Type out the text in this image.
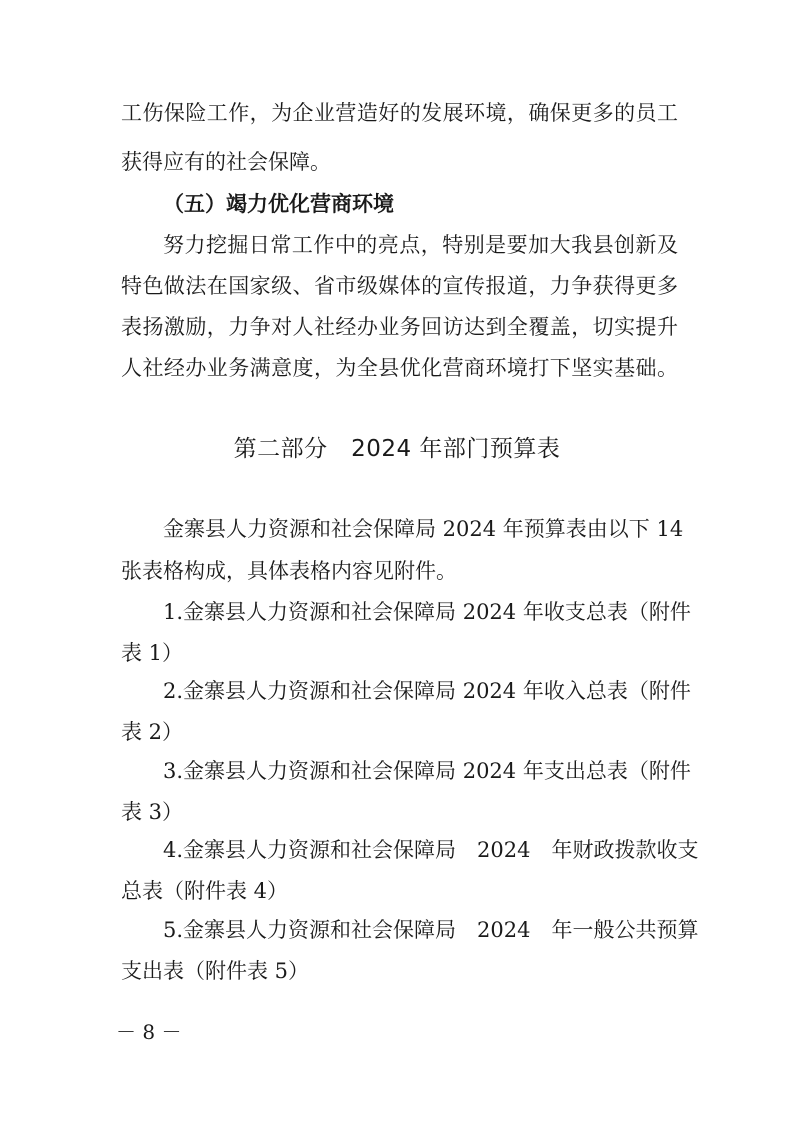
工伤保险工作，为企业营造好的发展环境，确保更多的员工
获得应有的社会保障。
（五）竭力优化营商环境
努力挖掘日常工作中的亮点，特别是要加大我县创新及
特色做法在国家级、省市级媒体的宣传报道，力争获得更多
表扬激励，力争对人社经办业务回访达到全覆盖，切实提升
人社经办业务满意度，为全县优化营商环境打下坚实基础。
第二部分　2024 年部门预算表
金寨县人力资源和社会保障局 2024 年预算表由以下 14
张表格构成，具体表格内容见附件。
1.金寨县人力资源和社会保障局 2024 年收支总表（附件
表 1）
2.金寨县人力资源和社会保障局 2024 年收入总表（附件
表 2）
3.金寨县人力资源和社会保障局 2024 年支出总表（附件
表 3）
4.金寨县人力资源和社会保障局　2024　年财政拨款收支
总表（附件表 4）
5.金寨县人力资源和社会保障局　2024　年一般公共预算
支出表（附件表 5）
－ 8 －
